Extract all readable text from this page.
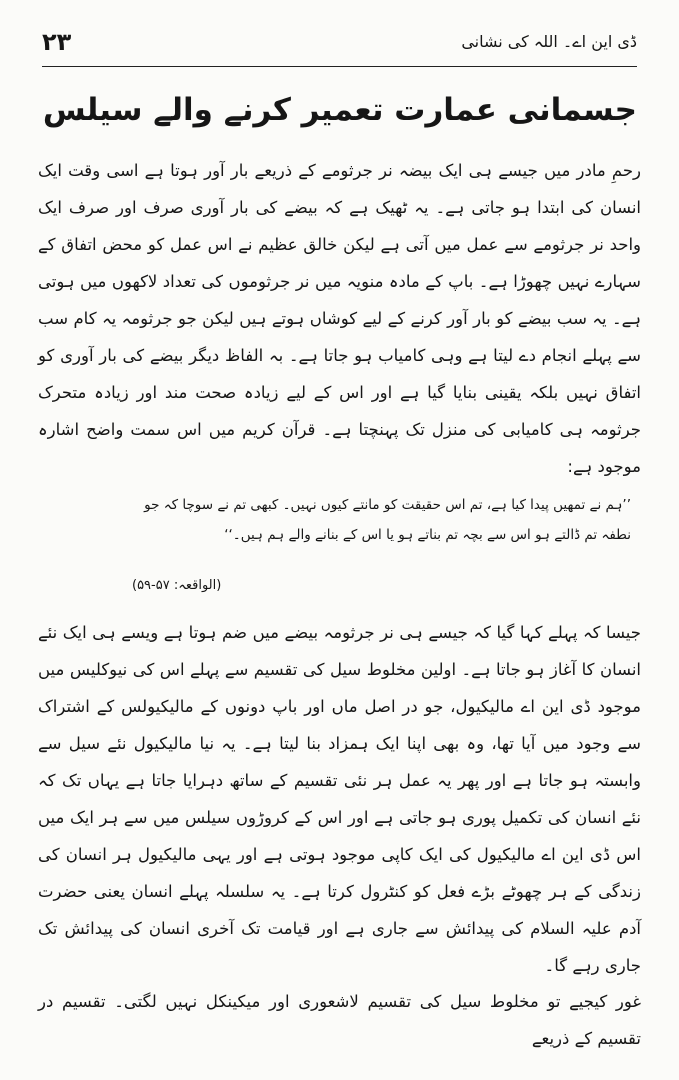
۲۳	ڈی این اے۔ اللہ کی نشانی
جسمانی عمارت تعمیر کرنے والے سیلس

رحمِ مادر میں جیسے ہی ایک بیضہ نر جرثومے کے ذریعے بار آور ہوتا ہے اسی وقت ایک انسان کی ابتدا ہو جاتی ہے۔ یہ ٹھیک ہے کہ بیضے کی بار آوری صرف اور صرف ایک واحد نر جرثومے سے عمل میں آتی ہے لیکن خالق عظیم نے اس عمل کو محض اتفاق کے سہارے نہیں چھوڑا ہے۔ باپ کے مادہ منویہ میں نر جرثوموں کی تعداد لاکھوں میں ہوتی ہے۔ یہ سب بیضے کو بار آور کرنے کے لیے کوشاں ہوتے ہیں لیکن جو جرثومہ یہ کام سب سے پہلے انجام دے لیتا ہے وہی کامیاب ہو جاتا ہے۔ بہ الفاظ دیگر بیضے کی بار آوری کو اتفاق نہیں بلکہ یقینی بنایا گیا ہے اور اس کے لیے زیادہ صحت مند اور زیادہ متحرک جرثومہ ہی کامیابی کی منزل تک پہنچتا ہے۔ قرآن کریم میں اس سمت واضح اشارہ موجود ہے:

’’ہم نے تمھیں پیدا کیا ہے، تم اس حقیقت کو مانتے کیوں نہیں۔ کبھی تم نے سوچا کہ جو

نطفہ تم ڈالتے ہو اس سے بچہ تم بناتے ہو یا اس کے بنانے والے ہم ہیں۔‘‘

(الواقعہ: ۵۷-۵۹)

جیسا کہ پہلے کہا گیا کہ جیسے ہی نر جرثومہ بیضے میں ضم ہوتا ہے ویسے ہی ایک نئے انسان کا آغاز ہو جاتا ہے۔ اولین مخلوط سیل کی تقسیم سے پہلے اس کی نیوکلیس میں موجود ڈی این اے مالیکیول، جو در اصل ماں اور باپ دونوں کے مالیکیولس کے اشتراک سے وجود میں آیا تھا، وہ بھی اپنا ایک ہمزاد بنا لیتا ہے۔ یہ نیا مالیکیول نئے سیل سے وابستہ ہو جاتا ہے اور پھر یہ عمل ہر نئی تقسیم کے ساتھ دہرایا جاتا ہے یہاں تک کہ نئے انسان کی تکمیل پوری ہو جاتی ہے اور اس کے کروڑوں سیلس میں سے ہر ایک میں اس ڈی این اے مالیکیول کی ایک کاپی موجود ہوتی ہے اور یہی مالیکیول ہر انسان کی زندگی کے ہر چھوٹے بڑے فعل کو کنٹرول کرتا ہے۔ یہ سلسلہ پہلے انسان یعنی حضرت آدم علیہ السلام کی پیدائش سے جاری ہے اور قیامت تک آخری انسان کی پیدائش تک جاری رہے گا۔

غور کیجیے تو مخلوط سیل کی تقسیم لاشعوری اور میکینکل نہیں لگتی۔ تقسیم در تقسیم کے ذریعے
